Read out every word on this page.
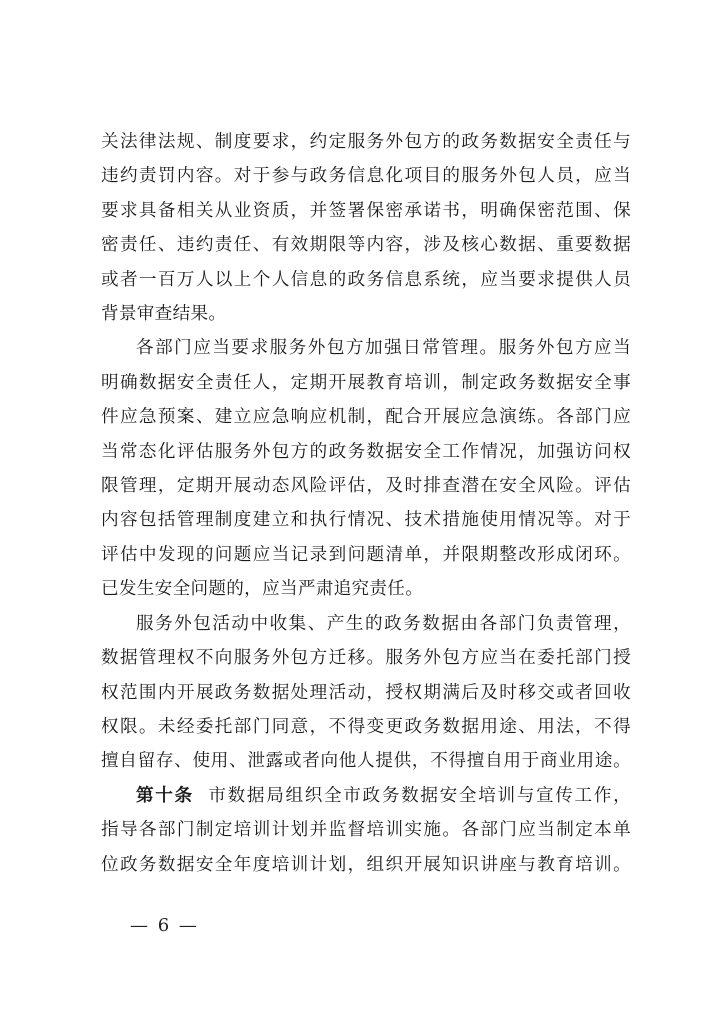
关法律法规、制度要求，约定服务外包方的政务数据安全责任与

违约责罚内容。对于参与政务信息化项目的服务外包人员，应当

要求具备相关从业资质，并签署保密承诺书，明确保密范围、保

密责任、违约责任、有效期限等内容，涉及核心数据、重要数据

或者一百万人以上个人信息的政务信息系统，应当要求提供人员

背景审查结果。

各部门应当要求服务外包方加强日常管理。服务外包方应当

明确数据安全责任人，定期开展教育培训，制定政务数据安全事

件应急预案、建立应急响应机制，配合开展应急演练。各部门应

当常态化评估服务外包方的政务数据安全工作情况，加强访问权

限管理，定期开展动态风险评估，及时排查潜在安全风险。评估

内容包括管理制度建立和执行情况、技术措施使用情况等。对于

评估中发现的问题应当记录到问题清单，并限期整改形成闭环。

已发生安全问题的，应当严肃追究责任。

服务外包活动中收集、产生的政务数据由各部门负责管理，

数据管理权不向服务外包方迁移。服务外包方应当在委托部门授

权范围内开展政务数据处理活动，授权期满后及时移交或者回收

权限。未经委托部门同意，不得变更政务数据用途、用法，不得

擅自留存、使用、泄露或者向他人提供，不得擅自用于商业用途。

第十条 市数据局组织全市政务数据安全培训与宣传工作，

指导各部门制定培训计划并监督培训实施。各部门应当制定本单

位政务数据安全年度培训计划，组织开展知识讲座与教育培训。

— 6 —
